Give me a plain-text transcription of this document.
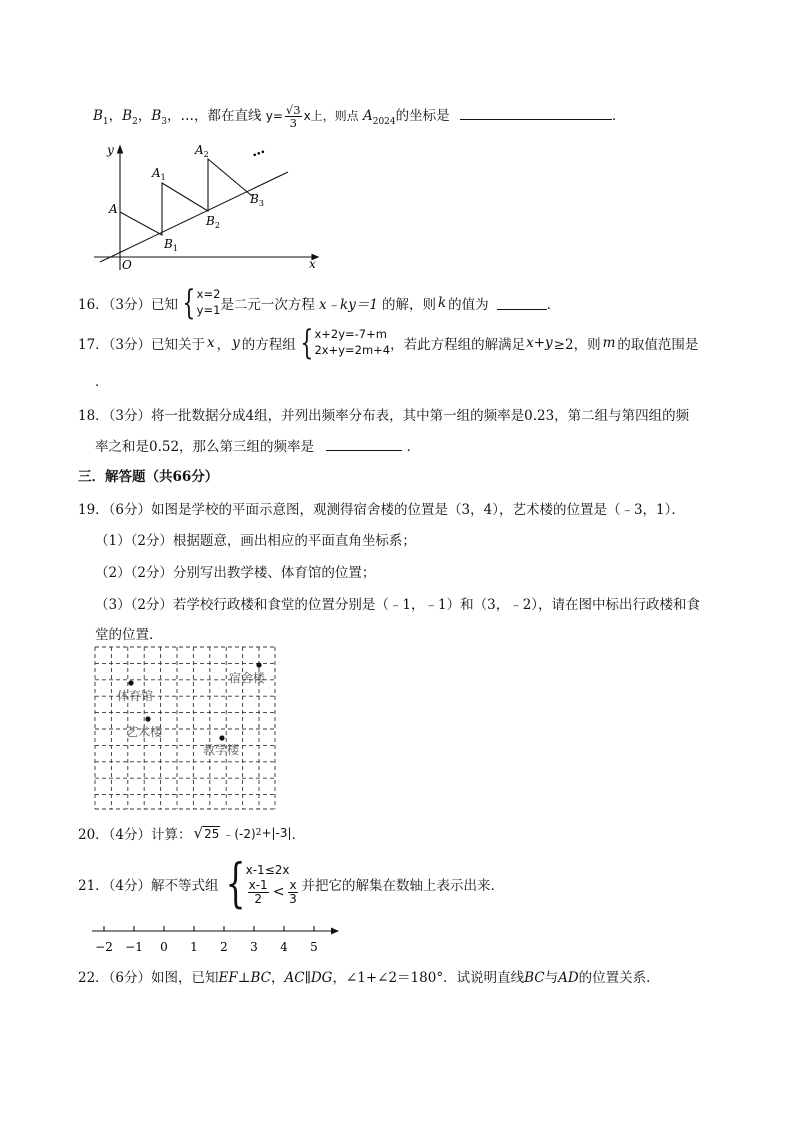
$B_1$，$B_2$，$B_3$，…，都在直线 $y= \frac{√3}{3}$ x上，则点 $A_{2024}$的坐标是	．
y
x
O
A
$A_1$
$A_2$
$B_1$
$B_2$
$B_3$
•••
16．（3分）已知 { x=2
y=1 是二元一次方程 x﹣ky＝1 的解，则 k 的值为	．
17．（3分）已知关于 x ， y 的方程组 { x+2y=-7+m
2x+y=2m+4 ，若此方程组的解满足 x+y ≥2，则 m 的取值范围是
．
18．（3分）将一批数据分成4组，并列出频率分布表，其中第一组的频率是0.23，第二组与第四组的频
率之和是0.52，那么第三组的频率是	．
三．解答题（共66分）
19．（6分）如图是学校的平面示意图，观测得宿舍楼的位置是（3，4），艺术楼的位置是（﹣3，1）．
（1）（2分）根据题意，画出相应的平面直角坐标系；
（2）（2分）分别写出教学楼、体育馆的位置；
（3）（2分）若学校行政楼和食堂的位置分别是（﹣1，﹣1）和（3，﹣2），请在图中标出行政楼和食
堂的位置．
宿舍楼
体育馆
艺术楼
教学楼
20．（4分）计算： √ 25 ﹣(-2) 2 +|-3| ．
21．（4分）解不等式组 { x-1≤2x
$\frac{x-1}{2} < \frac{x}{3}$ 并把它的解集在数轴上表示出来．
−2 −1 0 1 2 3 4 5
22．（6分）如图，已知EF⊥BC，AC∥DG，∠1+∠2＝180°．试说明直线BC与AD的位置关系．
